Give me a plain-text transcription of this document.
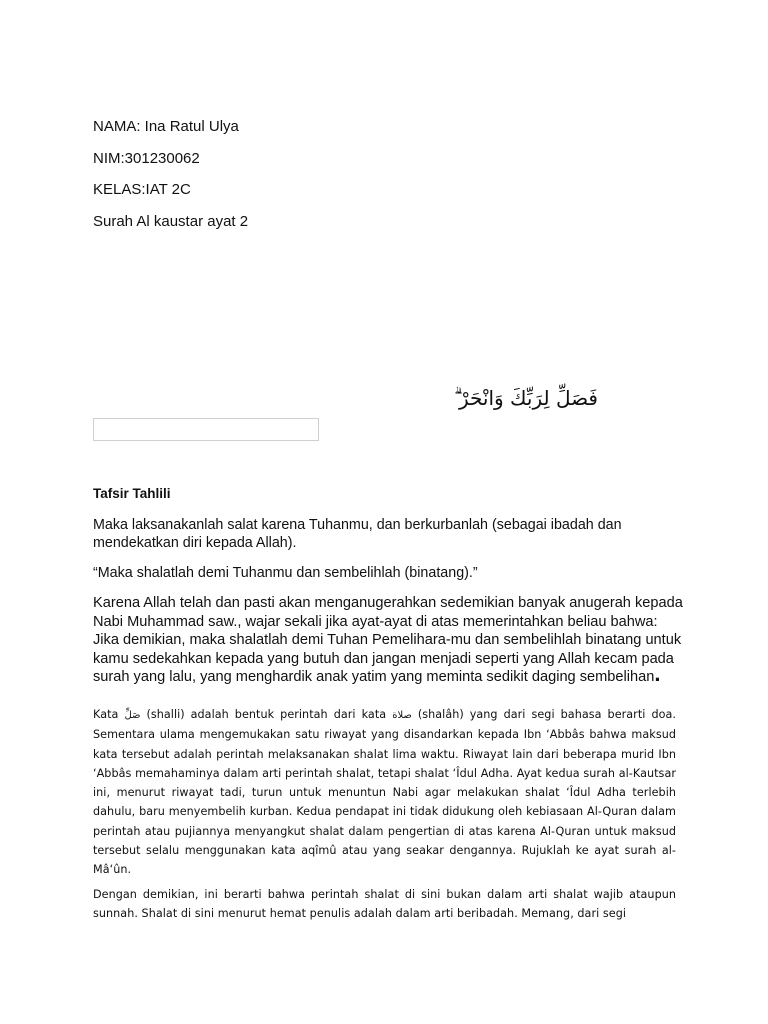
NAMA: Ina Ratul Ulya
NIM:301230062
KELAS:IAT 2C
Surah Al kaustar ayat 2
فَصَلِّ لِرَبِّكَ وَانْحَرْ ۗ
Tafsir Tahlili
Maka laksanakanlah salat karena Tuhanmu, dan berkurbanlah (sebagai ibadah dan mendekatkan diri kepada Allah).
“Maka shalatlah demi Tuhanmu dan sembelihlah (binatang).”
Karena Allah telah dan pasti akan menganugerahkan sedemikian banyak anugerah kepada Nabi Muhammad saw., wajar sekali jika ayat-ayat di atas memerintahkan beliau bahwa: Jika demikian, maka shalatlah demi Tuhan Pemelihara-mu dan sembelihlah binatang untuk kamu sedekahkan kepada yang butuh dan jangan menjadi seperti yang Allah kecam pada surah yang lalu, yang menghardik anak yatim yang meminta sedikit daging sembelihan.
Kata صَلِّ (shalli) adalah bentuk perintah dari kata صلاة (shalâh) yang dari segi bahasa berarti doa. Sementara ulama mengemukakan satu riwayat yang disandarkan kepada Ibn ‘Abbâs bahwa maksud kata tersebut adalah perintah melaksanakan shalat lima waktu. Riwayat lain dari beberapa murid Ibn ‘Abbâs memahaminya dalam arti perintah shalat, tetapi shalat ‘Îdul Adha. Ayat kedua surah al-Kautsar ini, menurut riwayat tadi, turun untuk menuntun Nabi agar melakukan shalat ‘Îdul Adha terlebih dahulu, baru menyembelih kurban. Kedua pendapat ini tidak didukung oleh kebiasaan Al-Quran dalam perintah atau pujiannya menyangkut shalat dalam pengertian di atas karena Al-Quran untuk maksud tersebut selalu menggunakan kata aqîmû atau yang seakar dengannya. Rujuklah ke ayat surah al-Mâ‘ûn.
Dengan demikian, ini berarti bahwa perintah shalat di sini bukan dalam arti shalat wajib ataupun sunnah. Shalat di sini menurut hemat penulis adalah dalam arti beribadah. Memang, dari segi
